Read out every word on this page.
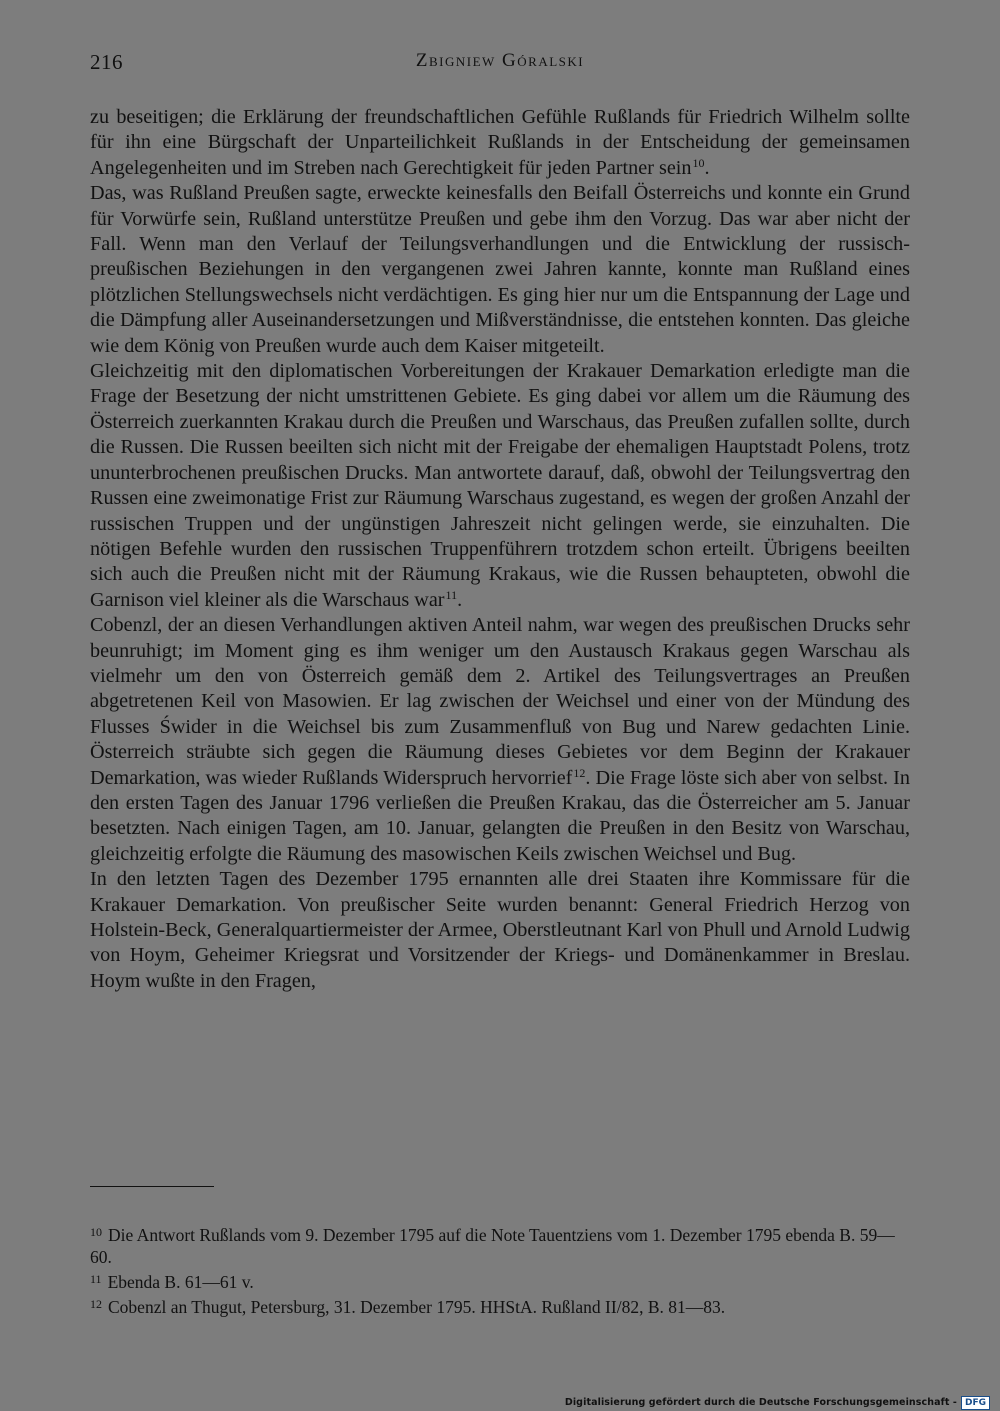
216	Zbigniew Góralski

zu beseitigen; die Erklärung der freundschaftlichen Gefühle Rußlands für Friedrich Wilhelm sollte für ihn eine Bürgschaft der Unparteilichkeit Rußlands in der Entscheidung der gemeinsamen Angelegenheiten und im Streben nach Gerechtigkeit für jeden Partner sein$^{10}$.

Das, was Rußland Preußen sagte, erweckte keinesfalls den Beifall Österreichs und konnte ein Grund für Vorwürfe sein, Rußland unterstütze Preußen und gebe ihm den Vorzug. Das war aber nicht der Fall. Wenn man den Verlauf der Teilungsverhandlungen und die Entwicklung der russisch-preußischen Beziehungen in den vergangenen zwei Jahren kannte, konnte man Rußland eines plötzlichen Stellungswechsels nicht verdächtigen. Es ging hier nur um die Entspannung der Lage und die Dämpfung aller Auseinandersetzungen und Mißverständnisse, die entstehen konnten. Das gleiche wie dem König von Preußen wurde auch dem Kaiser mitgeteilt.

Gleichzeitig mit den diplomatischen Vorbereitungen der Krakauer Demarkation erledigte man die Frage der Besetzung der nicht umstrittenen Gebiete. Es ging dabei vor allem um die Räumung des Österreich zuerkannten Krakau durch die Preußen und Warschaus, das Preußen zufallen sollte, durch die Russen. Die Russen beeilten sich nicht mit der Freigabe der ehemaligen Hauptstadt Polens, trotz ununterbrochenen preußischen Drucks. Man antwortete darauf, daß, obwohl der Teilungsvertrag den Russen eine zweimonatige Frist zur Räumung Warschaus zugestand, es wegen der großen Anzahl der russischen Truppen und der ungünstigen Jahreszeit nicht gelingen werde, sie einzuhalten. Die nötigen Befehle wurden den russischen Truppenführern trotzdem schon erteilt. Übrigens beeilten sich auch die Preußen nicht mit der Räumung Krakaus, wie die Russen behaupteten, obwohl die Garnison viel kleiner als die Warschaus war$^{11}$.

Cobenzl, der an diesen Verhandlungen aktiven Anteil nahm, war wegen des preußischen Drucks sehr beunruhigt; im Moment ging es ihm weniger um den Austausch Krakaus gegen Warschau als vielmehr um den von Österreich gemäß dem 2. Artikel des Teilungsvertrages an Preußen abgetretenen Keil von Masowien. Er lag zwischen der Weichsel und einer von der Mündung des Flusses Świder in die Weichsel bis zum Zusammenfluß von Bug und Narew gedachten Linie. Österreich sträubte sich gegen die Räumung dieses Gebietes vor dem Beginn der Krakauer Demarkation, was wieder Rußlands Widerspruch hervorrief$^{12}$. Die Frage löste sich aber von selbst. In den ersten Tagen des Januar 1796 verließen die Preußen Krakau, das die Österreicher am 5. Januar besetzten. Nach einigen Tagen, am 10. Januar, gelangten die Preußen in den Besitz von Warschau, gleichzeitig erfolgte die Räumung des masowischen Keils zwischen Weichsel und Bug.

In den letzten Tagen des Dezember 1795 ernannten alle drei Staaten ihre Kommissare für die Krakauer Demarkation. Von preußischer Seite wurden benannt: General Friedrich Herzog von Holstein-Beck, Generalquartiermeister der Armee, Oberstleutnant Karl von Phull und Arnold Ludwig von Hoym, Geheimer Kriegsrat und Vorsitzender der Kriegs- und Domänenkammer in Breslau. Hoym wußte in den Fragen,

$^{10}$ Die Antwort Rußlands vom 9. Dezember 1795 auf die Note Tauentziens vom 1. Dezember 1795 ebenda B. 59—60.

$^{11}$ Ebenda B. 61—61 v.

$^{12}$ Cobenzl an Thugut, Petersburg, 31. Dezember 1795. HHStA. Rußland II/82, B. 81—83.

Digitalisierung gefördert durch die Deutsche Forschungsgemeinschaft - DFG
